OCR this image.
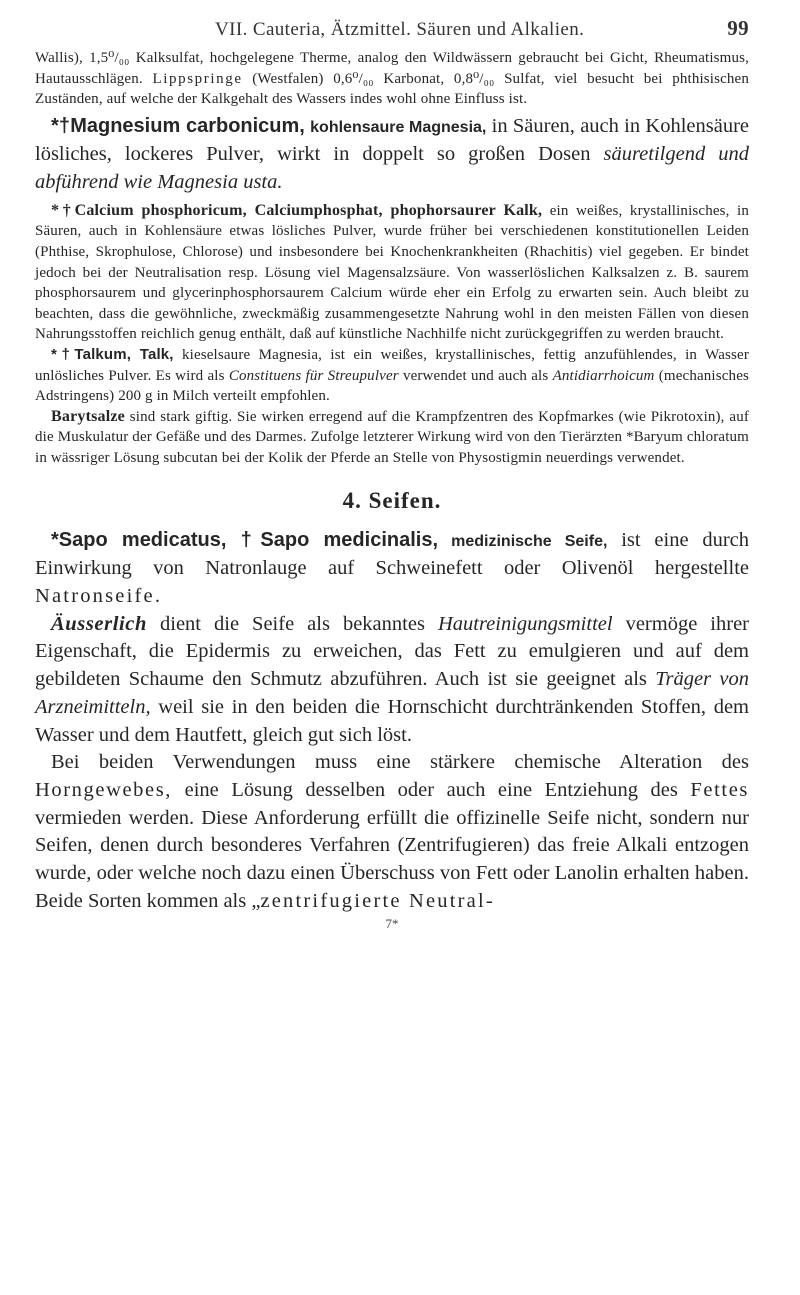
VII. Cauteria, Ätzmittel. Säuren und Alkalien.	99

Wallis), 1,5⁰/₀₀ Kalksulfat, hochgelegene Therme, analog den Wildwässern gebraucht bei Gicht, Rheumatismus, Hautausschlägen. Lippspringe (Westfalen) 0,6⁰/₀₀ Karbonat, 0,8⁰/₀₀ Sulfat, viel besucht bei phthisischen Zuständen, auf welche der Kalkgehalt des Wassers indes wohl ohne Einfluss ist.

*†Magnesium carbonicum, kohlensaure Magnesia, in Säuren, auch in Kohlensäure lösliches, lockeres Pulver, wirkt in doppelt so großen Dosen säuretilgend und abführend wie Magnesia usta.

*†Calcium phosphoricum, Calciumphosphat, phophorsaurer Kalk, ein weißes, krystallinisches, in Säuren, auch in Kohlensäure etwas lösliches Pulver, wurde früher bei verschiedenen konstitutionellen Leiden (Phthise, Skrophulose, Chlorose) und insbesondere bei Knochenkrankheiten (Rhachitis) viel gegeben. Er bindet jedoch bei der Neutralisation resp. Lösung viel Magensalzsäure. Von wasserlöslichen Kalksalzen z. B. saurem phosphorsaurem und glycerinphosphorsaurem Calcium würde eher ein Erfolg zu erwarten sein. Auch bleibt zu beachten, dass die gewöhnliche, zweckmäßig zusammengesetzte Nahrung wohl in den meisten Fällen von diesen Nahrungsstoffen reichlich genug enthält, daß auf künstliche Nachhilfe nicht zurückgegriffen zu werden braucht.

*†Talkum, Talk, kieselsaure Magnesia, ist ein weißes, krystallinisches, fettig anzufühlendes, in Wasser unlösliches Pulver. Es wird als Constituens für Streupulver verwendet und auch als Antidiarrhoicum (mechanisches Adstringens) 200 g in Milch verteilt empfohlen.

Barytsalze sind stark giftig. Sie wirken erregend auf die Krampfzentren des Kopfmarkes (wie Pikrotoxin), auf die Muskulatur der Gefäße und des Darmes. Zufolge letzterer Wirkung wird von den Tierärzten *Baryum chloratum in wässriger Lösung subcutan bei der Kolik der Pferde an Stelle von Physostigmin neuerdings verwendet.

4. Seifen.

*Sapo medicatus, †Sapo medicinalis, medizinische Seife, ist eine durch Einwirkung von Natronlauge auf Schweinefett oder Olivenöl hergestellte Natronseife.

Äusserlich dient die Seife als bekanntes Hautreinigungsmittel vermöge ihrer Eigenschaft, die Epidermis zu erweichen, das Fett zu emulgieren und auf dem gebildeten Schaume den Schmutz abzuführen. Auch ist sie geeignet als Träger von Arzneimitteln, weil sie in den beiden die Hornschicht durchtränkenden Stoffen, dem Wasser und dem Hautfett, gleich gut sich löst.

Bei beiden Verwendungen muss eine stärkere chemische Alteration des Horngewebes, eine Lösung desselben oder auch eine Entziehung des Fettes vermieden werden. Diese Anforderung erfüllt die offizinelle Seife nicht, sondern nur Seifen, denen durch besonderes Verfahren (Zentrifugieren) das freie Alkali entzogen wurde, oder welche noch dazu einen Überschuss von Fett oder Lanolin erhalten haben. Beide Sorten kommen als „zentrifugierte Neutral-

7*
